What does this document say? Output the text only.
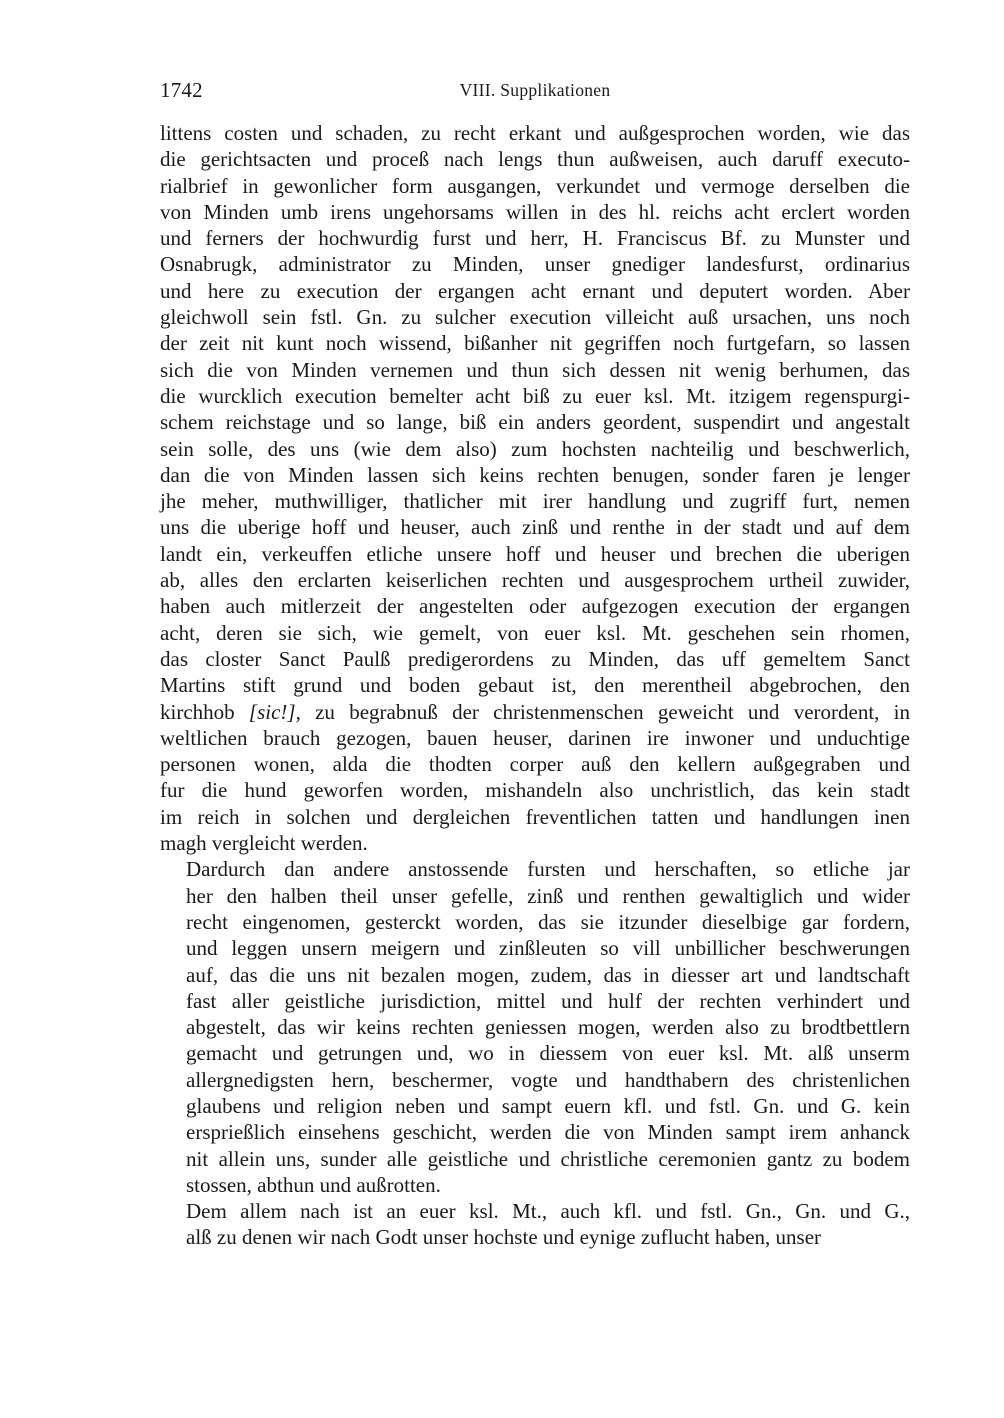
1742	VIII. Supplikationen

littens costen und schaden, zu recht erkant und außgesprochen worden, wie das
die gerichtsacten und proceß nach lengs thun außweisen, auch daruff executo-
rialbrief in gewonlicher form ausgangen, verkundet und vermoge derselben die
von Minden umb irens ungehorsams willen in des hl. reichs acht erclert worden
und ferners der hochwurdig furst und herr, H. Franciscus Bf. zu Munster und
Osnabrugk, administrator zu Minden, unser gnediger landesfurst, ordinarius
und here zu execution der ergangen acht ernant und deputert worden. Aber
gleichwoll sein fstl. Gn. zu sulcher execution villeicht auß ursachen, uns noch
der zeit nit kunt noch wissend, bißanher nit gegriffen noch furtgefarn, so lassen
sich die von Minden vernemen und thun sich dessen nit wenig berhumen, das
die wurcklich execution bemelter acht biß zu euer ksl. Mt. itzigem regenspurgi-
schem reichstage und so lange, biß ein anders geordent, suspendirt und angestalt
sein solle, des uns (wie dem also) zum hochsten nachteilig und beschwerlich,
dan die von Minden lassen sich keins rechten benugen, sonder faren je lenger
jhe meher, muthwilliger, thatlicher mit irer handlung und zugriff furt, nemen
uns die uberige hoff und heuser, auch zinß und renthe in der stadt und auf dem
landt ein, verkeuffen etliche unsere hoff und heuser und brechen die uberigen
ab, alles den erclarten keiserlichen rechten und ausgesprochem urtheil zuwider,
haben auch mitlerzeit der angestelten oder aufgezogen execution der ergangen
acht, deren sie sich, wie gemelt, von euer ksl. Mt. geschehen sein rhomen,
das closter Sanct Paulß predigerordens zu Minden, das uff gemeltem Sanct
Martins stift grund und boden gebaut ist, den merentheil abgebrochen, den
kirchhob [sic!], zu begrabnuß der christenmenschen geweicht und verordent, in
weltlichen brauch gezogen, bauen heuser, darinen ire inwoner und unduchtige
personen wonen, alda die thodten corper auß den kellern außgegraben und
fur die hund geworfen worden, mishandeln also unchristlich, das kein stadt
im reich in solchen und dergleichen freventlichen tatten und handlungen inen
magh vergleicht werden.

Dardurch dan andere anstossende fursten und herschaften, so etliche jar
her den halben theil unser gefelle, zinß und renthen gewaltiglich und wider
recht eingenomen, gesterckt worden, das sie itzunder dieselbige gar fordern,
und leggen unsern meigern und zinßleuten so vill unbillicher beschwerungen
auf, das die uns nit bezalen mogen, zudem, das in diesser art und landtschaft
fast aller geistliche jurisdiction, mittel und hulf der rechten verhindert und
abgestelt, das wir keins rechten geniessen mogen, werden also zu brodtbettlern
gemacht und getrungen und, wo in diessem von euer ksl. Mt. alß unserm
allergnedigsten hern, beschermer, vogte und handthabern des christenlichen
glaubens und religion neben und sampt euern kfl. und fstl. Gn. und G. kein
ersprießlich einsehens geschicht, werden die von Minden sampt irem anhanck
nit allein uns, sunder alle geistliche und christliche ceremonien gantz zu bodem
stossen, abthun und außrotten.

Dem allem nach ist an euer ksl. Mt., auch kfl. und fstl. Gn., Gn. und G.,
alß zu denen wir nach Godt unser hochste und eynige zuflucht haben, unser
